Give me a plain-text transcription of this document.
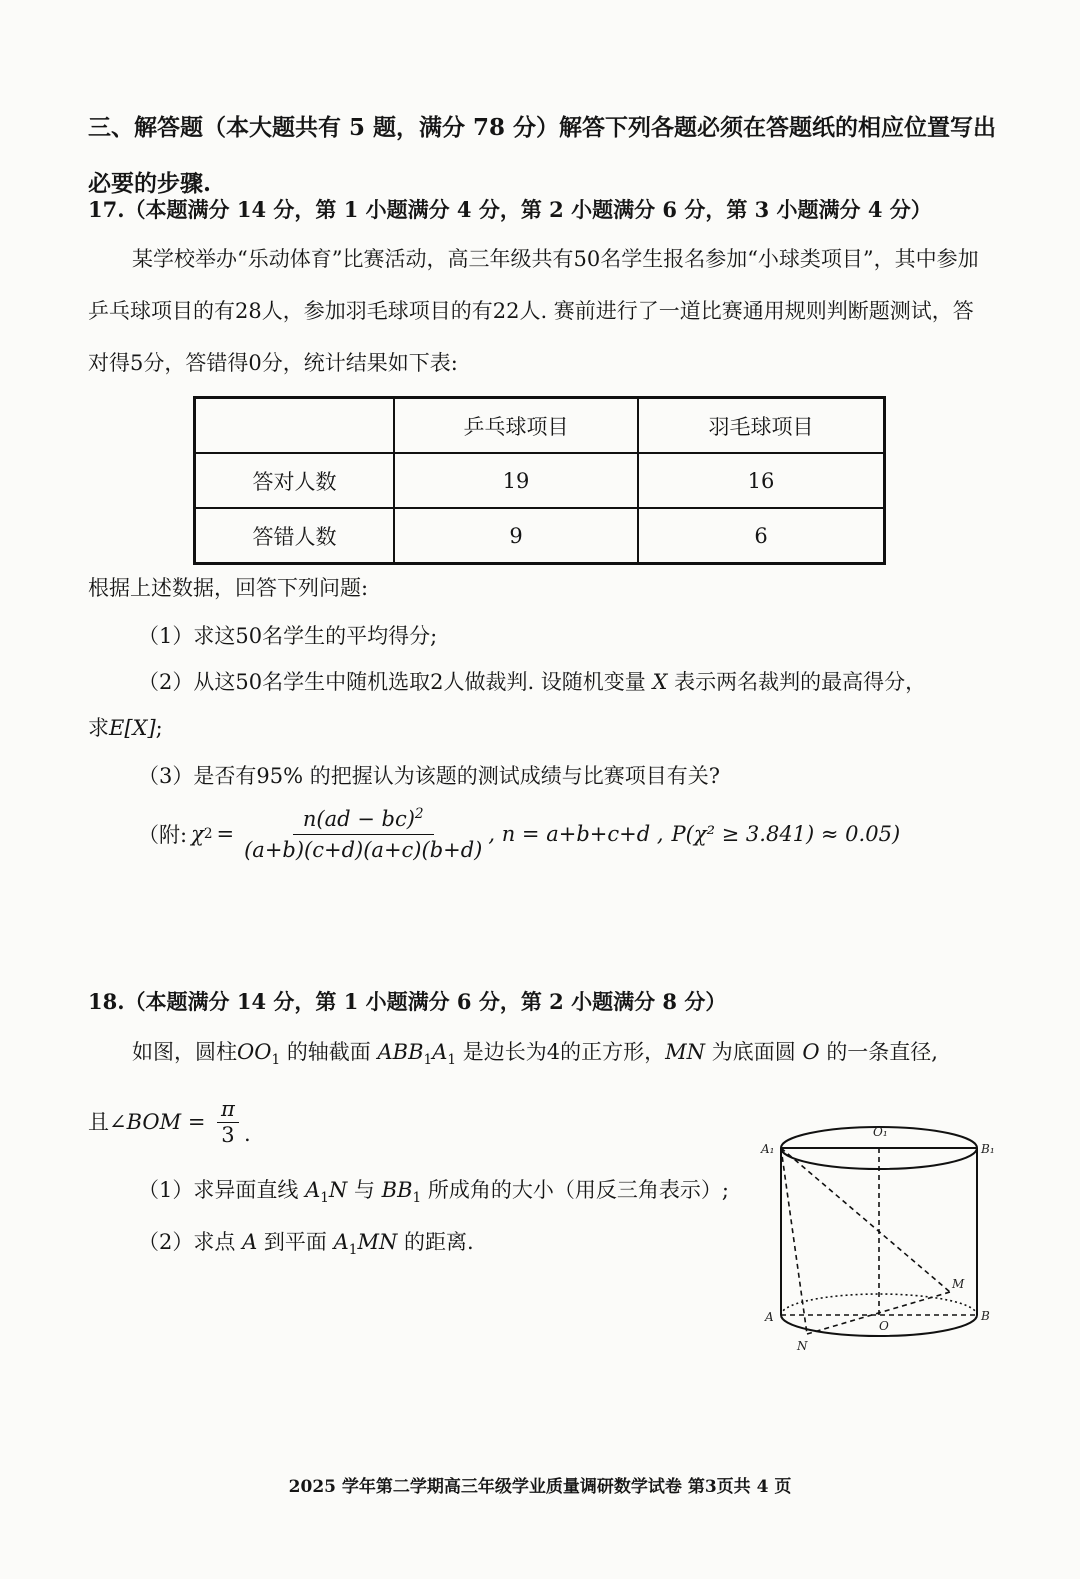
三、解答题（本大题共有 5 题，满分 78 分）解答下列各题必须在答题纸的相应位置写出必要的步骤.
17.（本题满分 14 分，第 1 小题满分 4 分，第 2 小题满分 6 分，第 3 小题满分 4 分）
某学校举办“乐动体育”比赛活动，高三年级共有50名学生报名参加“小球类项目”，其中参加乒乓球项目的有28人，参加羽毛球项目的有22人. 赛前进行了一道比赛通用规则判断题测试，答对得5分，答错得0分，统计结果如下表:
	乒乓球项目	羽毛球项目
答对人数	19	16
答错人数	9	6
根据上述数据，回答下列问题:
（1）求这50名学生的平均得分;
（2）从这50名学生中随机选取2人做裁判. 设随机变量 X 表示两名裁判的最高得分，
求E[X];
（3）是否有95% 的把握认为该题的测试成绩与比赛项目有关?
（附: χ $2 = \frac{n(ad - bc)^2}{(a+b)(c+d)(a+c)(b+d)}$ , n = a+b+c+d , P(χ² ≥ 3.841) ≈ 0.05)
18.（本题满分 14 分，第 1 小题满分 6 分，第 2 小题满分 8 分）
如图，圆柱$OO_1$ 的轴截面 $ABB_1A_1$ 是边长为4的正方形，MN 为底面圆 O 的一条直径,
且∠BOM = $\frac{\pi}{3}$ .
（1）求异面直线 $A_1N$ 与 $BB_1$ 所成角的大小（用反三角表示）;
（2）求点 A 到平面 $A_1MN$ 的距离.
A₁
O₁
B₁
A
O
B
M
N
2025 学年第二学期高三年级学业质量调研数学试卷 第3页共 4 页
